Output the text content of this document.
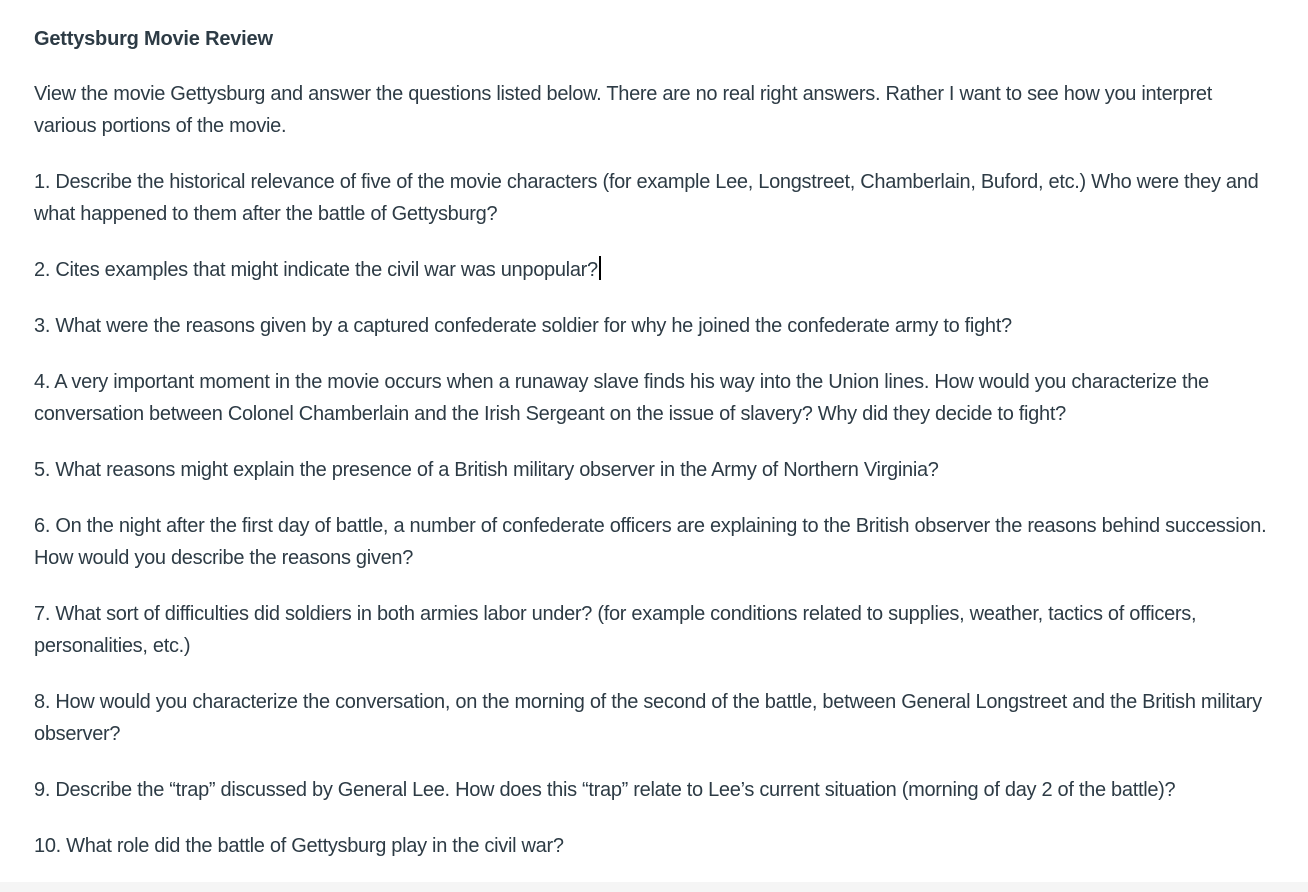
Gettysburg Movie Review

View the movie Gettysburg and answer the questions listed below. There are no real right answers. Rather I want to see how you interpret various portions of the movie.

1. Describe the historical relevance of five of the movie characters (for example Lee, Longstreet, Chamberlain, Buford, etc.) Who were they and what happened to them after the battle of Gettysburg?

2. Cites examples that might indicate the civil war was unpopular?

3. What were the reasons given by a captured confederate soldier for why he joined the confederate army to fight?

4. A very important moment in the movie occurs when a runaway slave finds his way into the Union lines. How would you characterize the conversation between Colonel Chamberlain and the Irish Sergeant on the issue of slavery? Why did they decide to fight?

5. What reasons might explain the presence of a British military observer in the Army of Northern Virginia?

6. On the night after the first day of battle, a number of confederate officers are explaining to the British observer the reasons behind succession. How would you describe the reasons given?

7. What sort of difficulties did soldiers in both armies labor under? (for example conditions related to supplies, weather, tactics of officers, personalities, etc.)

8. How would you characterize the conversation, on the morning of the second of the battle, between General Longstreet and the British military observer?

9. Describe the “trap” discussed by General Lee. How does this “trap” relate to Lee’s current situation (morning of day 2 of the battle)?

10. What role did the battle of Gettysburg play in the civil war?
